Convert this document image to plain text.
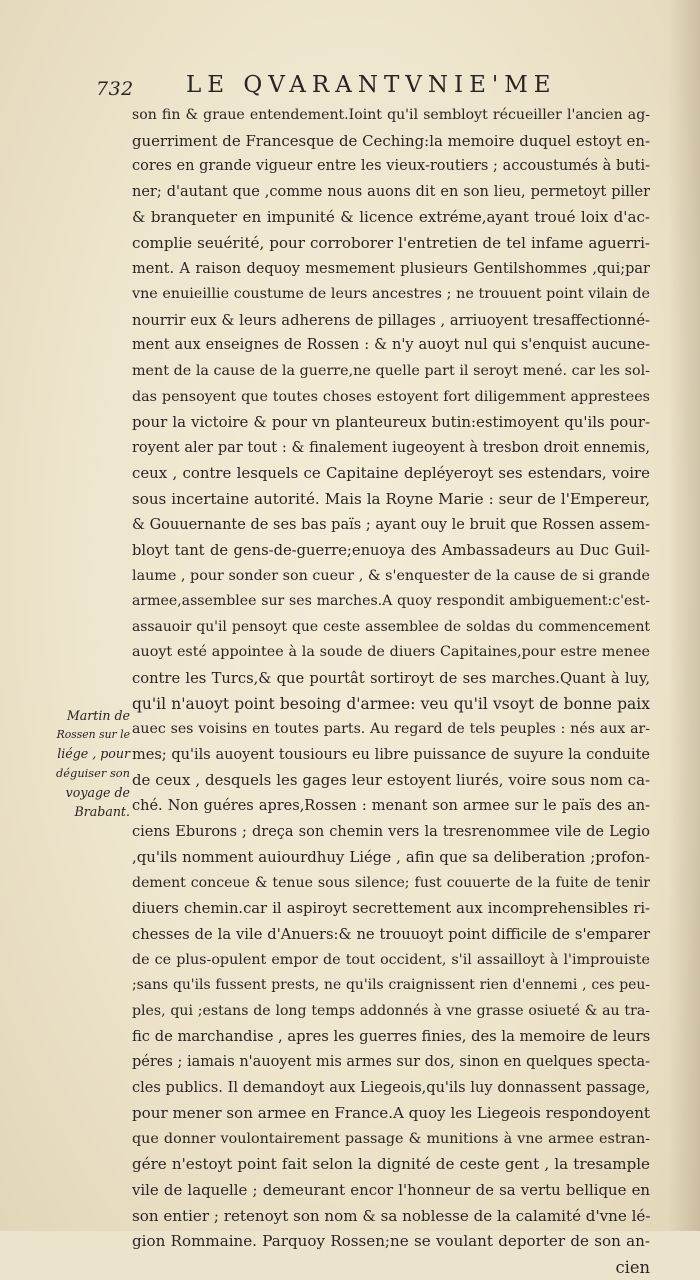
732 LE QVARANTVNIE'ME
Martin de
Rossen sur le
liége , pour
déguiser son
voyage de
Brabant.
son fin & graue entendement.Ioint qu'il sembloyt récueiller l'ancien ag-
guerriment de Francesque de Ceching:la memoire duquel estoyt en-
cores en grande vigueur entre les vieux-routiers ; accoustumés à buti-
ner; d'autant que ,comme nous auons dit en son lieu, permetoyt piller
& branqueter en impunité & licence extréme,ayant troué loix d'ac-
complie seuérité, pour corroborer l'entretien de tel infame aguerri-
ment. A raison dequoy mesmement plusieurs Gentilshommes ,qui;par
vne enuieillie coustume de leurs ancestres ; ne trouuent point vilain de
nourrir eux & leurs adherens de pillages , arriuoyent tresaffectionné-
ment aux enseignes de Rossen : & n'y auoyt nul qui s'enquist aucune-
ment de la cause de la guerre,ne quelle part il seroyt mené. car les sol-
das pensoyent que toutes choses estoyent fort diligemment apprestees
pour la victoire & pour vn planteureux butin:estimoyent qu'ils pour-
royent aler par tout : & finalement iugeoyent à tresbon droit ennemis,
ceux , contre lesquels ce Capitaine depléyeroyt ses estendars, voire
sous incertaine autorité. Mais la Royne Marie : seur de l'Empereur,
& Gouuernante de ses bas païs ; ayant ouy le bruit que Rossen assem-
bloyt tant de gens-de-guerre;enuoya des Ambassadeurs au Duc Guil-
laume , pour sonder son cueur , & s'enquester de la cause de si grande
armee,assemblee sur ses marches.A quoy respondit ambiguement:c'est-
assauoir qu'il pensoyt que ceste assemblee de soldas du commencement
auoyt esté appointee à la soude de diuers Capitaines,pour estre menee
contre les Turcs,& que pourtât sortiroyt de ses marches.Quant à luy,
qu'il n'auoyt point besoing d'armee: veu qu'il vsoyt de bonne paix
auec ses voisins en toutes parts. Au regard de tels peuples : nés aux ar-
mes; qu'ils auoyent tousiours eu libre puissance de suyure la conduite
de ceux , desquels les gages leur estoyent liurés, voire sous nom ca-
ché. Non guéres apres,Rossen : menant son armee sur le païs des an-
ciens Eburons ; dreça son chemin vers la tresrenommee vile de Legio
,qu'ils nomment auiourdhuy Liége , afin que sa deliberation ;profon-
dement conceue & tenue sous silence; fust couuerte de la fuite de tenir
diuers chemin.car il aspiroyt secrettement aux incomprehensibles ri-
chesses de la vile d'Anuers:& ne trouuoyt point difficile de s'emparer
de ce plus-opulent empor de tout occident, s'il assailloyt à l'improuiste
;sans qu'ils fussent prests, ne qu'ils craignissent rien d'ennemi , ces peu-
ples, qui ;estans de long temps addonnés à vne grasse osiueté & au tra-
fic de marchandise , apres les guerres finies, des la memoire de leurs
péres ; iamais n'auoyent mis armes sur dos, sinon en quelques specta-
cles publics. Il demandoyt aux Liegeois,qu'ils luy donnassent passage,
pour mener son armee en France.A quoy les Liegeois respondoyent
que donner voulontairement passage & munitions à vne armee estran-
gére n'estoyt point fait selon la dignité de ceste gent , la tresample
vile de laquelle ; demeurant encor l'honneur de sa vertu bellique en
son entier ; retenoyt son nom & sa noblesse de la calamité d'vne lé-
gion Rommaine. Parquoy Rossen;ne se voulant deporter de son an-
cien
